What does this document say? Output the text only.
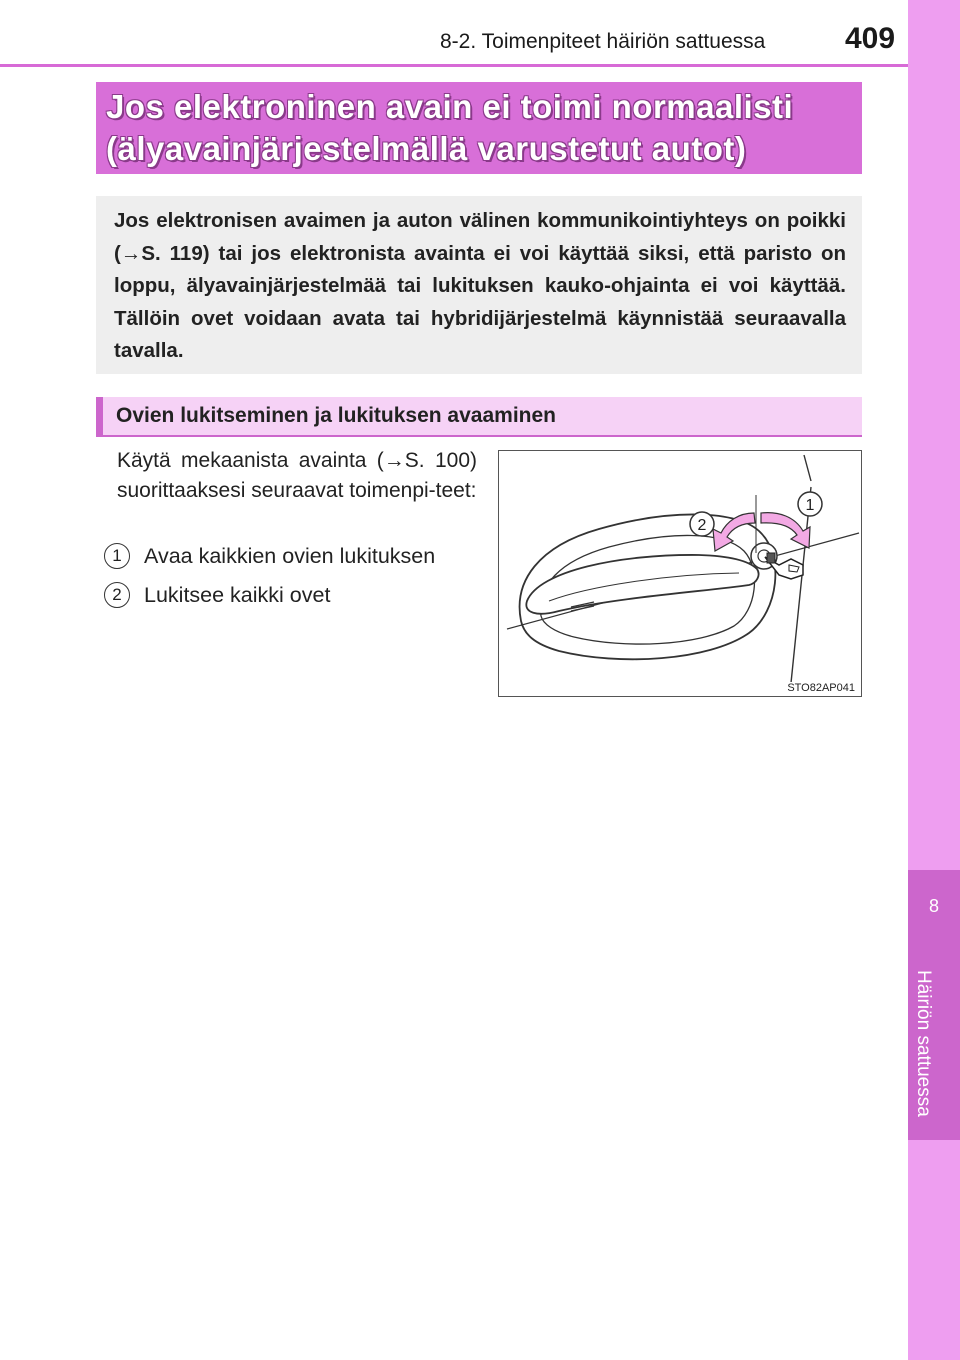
8-2. Toimenpiteet häiriön sattuessa	409
8
Häiriön sattuessa
Jos elektroninen avain ei toimi normaalisti
(älyavainjärjestelmällä varustetut autot)
Jos elektronisen avaimen ja auton välinen kommunikointiyhteys on poikki (→S. 119) tai jos elektronista avainta ei voi käyttää siksi, että paristo on loppu, älyavainjärjestelmää tai lukituksen kauko-ohjainta ei voi käyttää. Tällöin ovet voidaan avata tai hybridijärjestelmä käynnistää seuraavalla tavalla.
Ovien lukitseminen ja lukituksen avaaminen
Käytä mekaanista avainta (→S. 100) suorittaaksesi seuraavat toimenpi-teet:
1	Avaa kaikkien ovien lukituksen
2	Lukitsee kaikki ovet
1
2
STO82AP041
